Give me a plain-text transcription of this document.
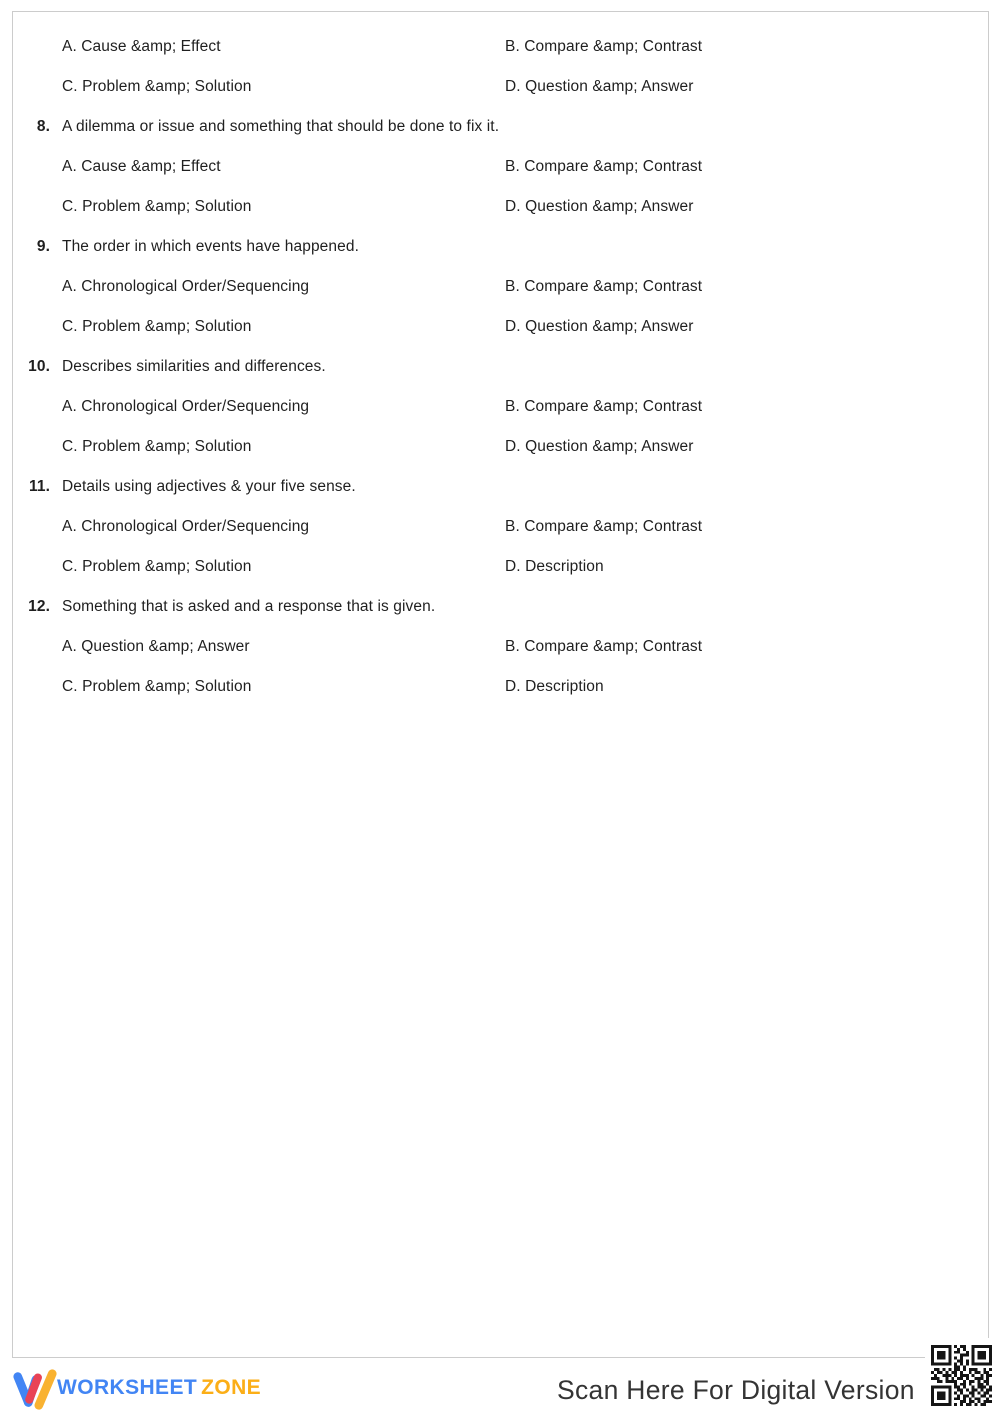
A. Cause &amp; Effect	B. Compare &amp; Contrast
C. Problem &amp; Solution	D. Question &amp; Answer
8. A dilemma or issue and something that should be done to fix it.
A. Cause &amp; Effect	B. Compare &amp; Contrast
C. Problem &amp; Solution	D. Question &amp; Answer
9. The order in which events have happened.
A. Chronological Order/Sequencing	B. Compare &amp; Contrast
C. Problem &amp; Solution	D. Question &amp; Answer
10. Describes similarities and differences.
A. Chronological Order/Sequencing	B. Compare &amp; Contrast
C. Problem &amp; Solution	D. Question &amp; Answer
11. Details using adjectives & your five sense.
A. Chronological Order/Sequencing	B. Compare &amp; Contrast
C. Problem &amp; Solution	D. Description
12. Something that is asked and a response that is given.
A. Question &amp; Answer	B. Compare &amp; Contrast
C. Problem &amp; Solution	D. Description
WORKSHEET ZONE	Scan Here For Digital Version
